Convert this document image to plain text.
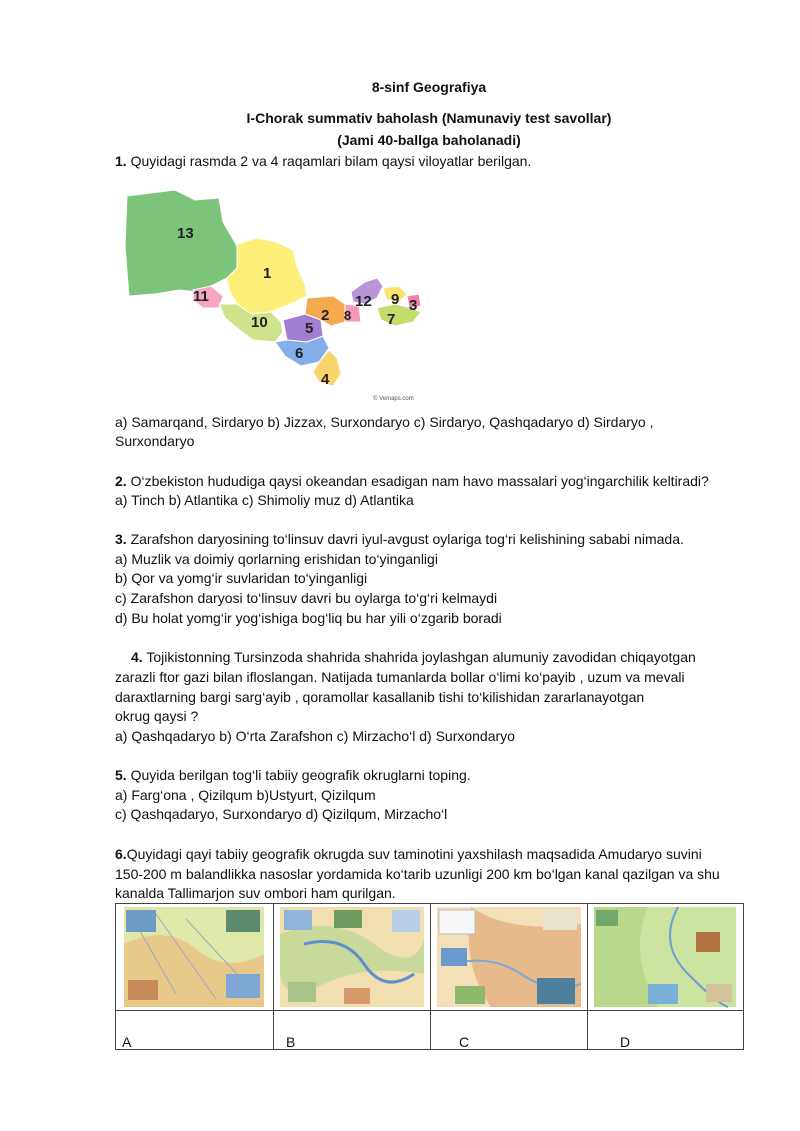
8-sinf Geografiya
I-Chorak summativ baholash (Namunaviy test savollar)
(Jami 40-ballga baholanadi)
1. Quyidagi rasmda 2 va 4 raqamlari bilam qaysi viloyatlar berilgan.
13
1
11
10 5
2 8
12 9 3
7
6
4
© Vemaps.com
a) Samarqand, Sirdaryo b) Jizzax, Surxondaryo c) Sirdaryo, Qashqadaryo d) Sirdaryo ,
Surxondaryo
2. O‘zbekiston hududiga qaysi okeandan esadigan nam havo massalari yog‘ingarchilik keltiradi?
a) Tinch b) Atlantika c) Shimoliy muz d) Atlantika
3. Zarafshon daryosining to‘linsuv davri iyul-avgust oylariga tog‘ri kelishining sababi nimada.
a) Muzlik va doimiy qorlarning erishidan to‘yinganligi
b) Qor va yomg‘ir suvlaridan to‘yinganligi
c) Zarafshon daryosi to‘linsuv davri bu oylarga to‘g‘ri kelmaydi
d) Bu holat yomg‘ir yog‘ishiga bog‘liq bu har yili o‘zgarib boradi
4. Tojikistonning Tursinzoda shahrida shahrida joylashgan alumuniy zavodidan chiqayotgan
zarazli ftor gazi bilan ifloslangan. Natijada tumanlarda bollar o‘limi ko‘payib , uzum va mevali
daraxtlarning bargi sarg‘ayib , qoramollar kasallanib tishi to‘kilishidan zararlanayotgan
okrug qaysi ?
a) Qashqadaryo b) O‘rta Zarafshon c) Mirzacho‘l d) Surxondaryo
5. Quyida berilgan tog‘li tabiiy geografik okruglarni toping.
a) Farg‘ona , Qizilqum b)Ustyurt, Qizilqum
c) Qashqadaryo, Surxondaryo d) Qizilqum, Mirzacho‘l
6.Quyidagi qayi tabiiy geografik okrugda suv taminotini yaxshilash maqsadida Amudaryo suvini
150-200 m balandlikka nasoslar yordamida ko‘tarib uzunligi 200 km bo‘lgan kanal qazilgan va shu
kanalda Tallimarjon suv ombori ham qurilgan.
A	B	C	D
